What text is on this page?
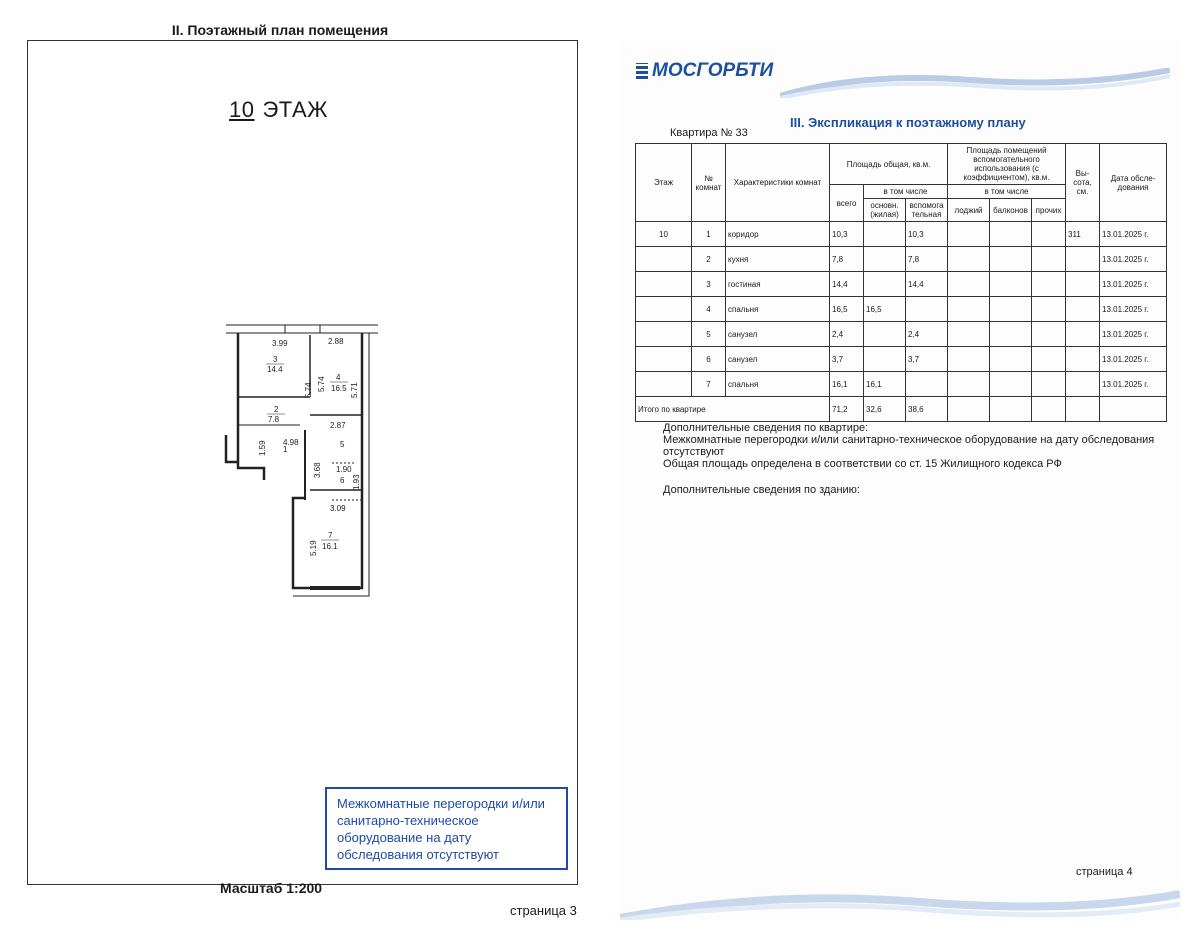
II. Поэтажный план помещения
10 ЭТАЖ
3.99	2.88
3
14.4
4
16.5
5.74 5.74	5.71
2
7.8
2.87
1.59 1
4.98	5
3.68 1.90
6 1.93
3.09
7
16.1
5.19
Межкомнатные перегородки и/или санитарно-техническое оборудование на дату обследования отсутствуют
Масштаб 1:200
страница 3
МОСГОРБТИ
III. Экспликация к поэтажному плану
Квартира № 33
Этаж	№ комнат	Характеристики комнат	Площадь общая, кв.м.			Площадь помещений вспомогательного использования (с коэффициентом), кв.м.			Вы- сота, см.	Дата обсле- дования
			всего	в том числе		в том числе				
				основн. (жилая)	вспомога тельная	лоджий	балконов	прочих		
10	1	коридор	10,3		10,3				311	13.01.2025 г.
	2	кухня	7,8		7,8					13.01.2025 г.
	3	гостиная	14,4		14,4					13.01.2025 г.
	4	спальня	16,5	16,5						13.01.2025 г.
	5	санузел	2,4		2,4					13.01.2025 г.
	6	санузел	3,7		3,7					13.01.2025 г.
	7	спальня	16,1	16,1						13.01.2025 г.
Итого по квартире			71,2	32,6	38,6					
Дополнительные сведения по квартире:
Межкомнатные перегородки и/или санитарно-техническое оборудование на дату обследования отсутствуют
Общая площадь определена в соответствии со ст. 15 Жилищного кодекса РФ
Дополнительные сведения по зданию:
страница 4
